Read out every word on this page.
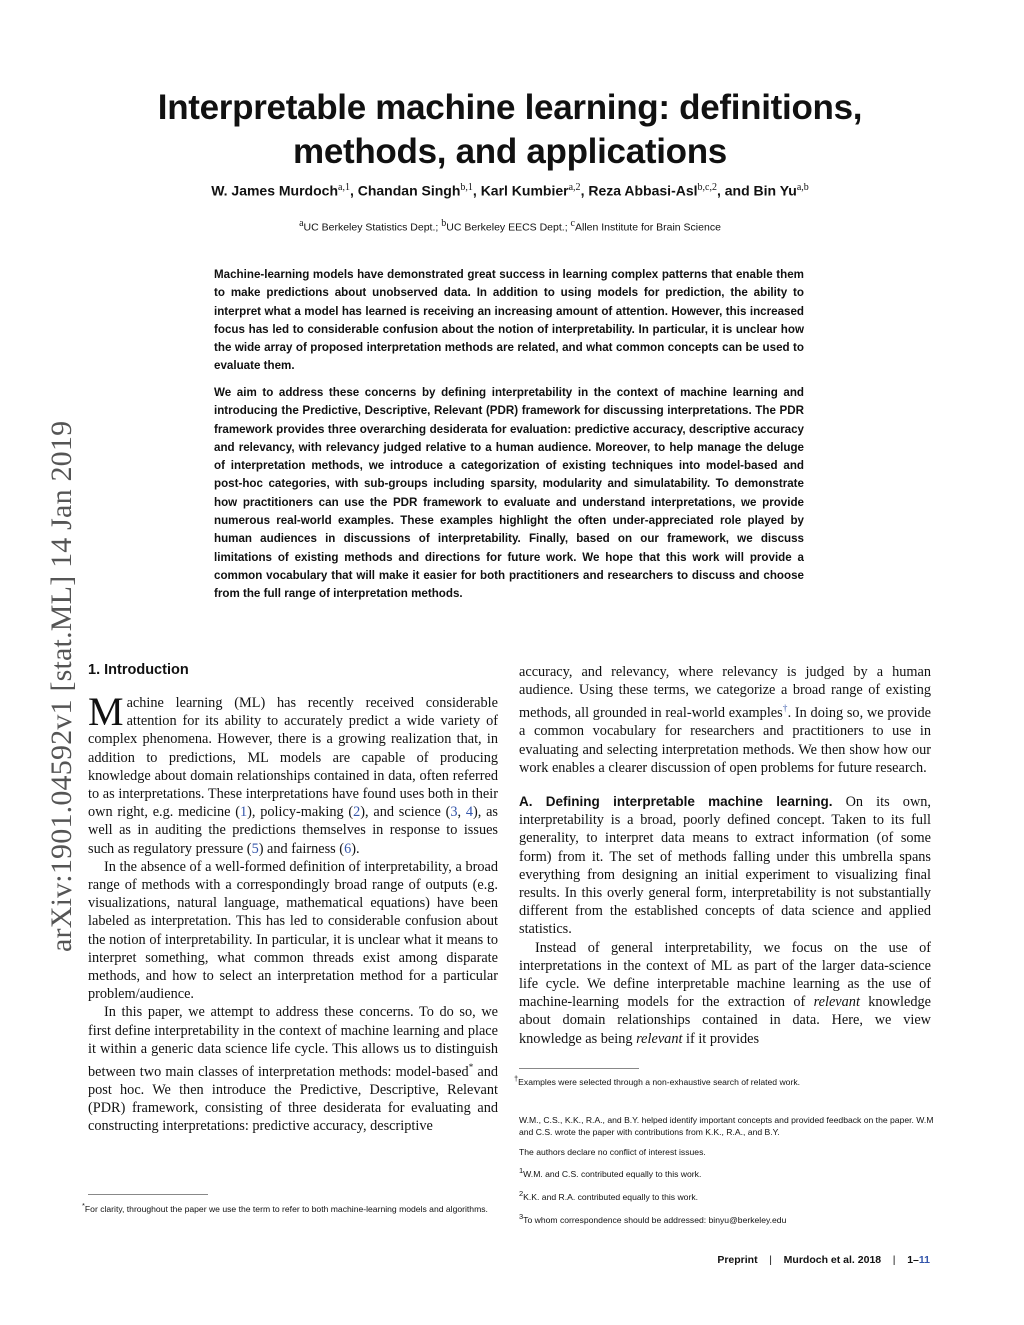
Interpretable machine learning: definitions, methods, and applications
W. James Murdoch$^{a,1}$, Chandan Singh$^{b,1}$, Karl Kumbier$^{a,2}$, Reza Abbasi-Asl$^{b,c,2}$, and Bin Yu$^{a,b}$
$^a$UC Berkeley Statistics Dept.; $^b$UC Berkeley EECS Dept.; $^c$Allen Institute for Brain Science
Machine-learning models have demonstrated great success in learning complex patterns that enable them to make predictions about unobserved data. In addition to using models for prediction, the ability to interpret what a model has learned is receiving an increasing amount of attention. However, this increased focus has led to considerable confusion about the notion of interpretability. In particular, it is unclear how the wide array of proposed interpretation methods are related, and what common concepts can be used to evaluate them.
We aim to address these concerns by defining interpretability in the context of machine learning and introducing the Predictive, Descriptive, Relevant (PDR) framework for discussing interpretations. The PDR framework provides three overarching desiderata for evaluation: predictive accuracy, descriptive accuracy and relevancy, with relevancy judged relative to a human audience. Moreover, to help manage the deluge of interpretation methods, we introduce a categorization of existing techniques into model-based and post-hoc categories, with sub-groups including sparsity, modularity and simulatability. To demonstrate how practitioners can use the PDR framework to evaluate and understand interpretations, we provide numerous real-world examples. These examples highlight the often under-appreciated role played by human audiences in discussions of interpretability. Finally, based on our framework, we discuss limitations of existing methods and directions for future work. We hope that this work will provide a common vocabulary that will make it easier for both practitioners and researchers to discuss and choose from the full range of interpretation methods.
arXiv:1901.04592v1 [stat.ML] 14 Jan 2019 1. Introduction

Machine learning (ML) has recently received considerable attention for its ability to accurately predict a wide variety of complex phenomena. However, there is a growing realization that, in addition to predictions, ML models are capable of producing knowledge about domain relationships contained in data, often referred to as interpretations. These interpretations have found uses both in their own right, e.g. medicine (1), policy-making (2), and science (3, 4), as well as in auditing the predictions themselves in response to issues such as regulatory pressure (5) and fairness (6).

In the absence of a well-formed definition of interpretability, a broad range of methods with a correspondingly broad range of outputs (e.g. visualizations, natural language, mathematical equations) have been labeled as interpretation. This has led to considerable confusion about the notion of interpretability. In particular, it is unclear what it means to interpret something, what common threads exist among disparate methods, and how to select an interpretation method for a particular problem/audience.

In this paper, we attempt to address these concerns. To do so, we first define interpretability in the context of machine learning and place it within a generic data science life cycle. This allows us to distinguish between two main classes of interpretation methods: model-based* and post hoc. We then introduce the Predictive, Descriptive, Relevant (PDR) framework, consisting of three desiderata for evaluating and constructing interpretations: predictive accuracy, descriptive

*For clarity, throughout the paper we use the term to refer to both machine-learning models and algorithms.

accuracy, and relevancy, where relevancy is judged by a human audience. Using these terms, we categorize a broad range of existing methods, all grounded in real-world examples†. In doing so, we provide a common vocabulary for researchers and practitioners to use in evaluating and selecting interpretation methods. We then show how our work enables a clearer discussion of open problems for future research.

A. Defining interpretable machine learning. On its own, interpretability is a broad, poorly defined concept. Taken to its full generality, to interpret data means to extract information (of some form) from it. The set of methods falling under this umbrella spans everything from designing an initial experiment to visualizing final results. In this overly general form, interpretability is not substantially different from the established concepts of data science and applied statistics.

Instead of general interpretability, we focus on the use of interpretations in the context of ML as part of the larger data-science life cycle. We define interpretable machine learning as the use of machine-learning models for the extraction of relevant knowledge about domain relationships contained in data. Here, we view knowledge as being relevant if it provides

†Examples were selected through a non-exhaustive search of related work.
W.M., C.S., K.K., R.A., and B.Y. helped identify important concepts and provided feedback on the paper. W.M and C.S. wrote the paper with contributions from K.K., R.A., and B.Y.
The authors declare no conflict of interest issues.
$^1$W.M. and C.S. contributed equally to this work.
$^2$K.K. and R.A. contributed equally to this work.
$^3$To whom correspondence should be addressed: binyu@berkeley.edu
Preprint | Murdoch et al. 2018 | 1–11
